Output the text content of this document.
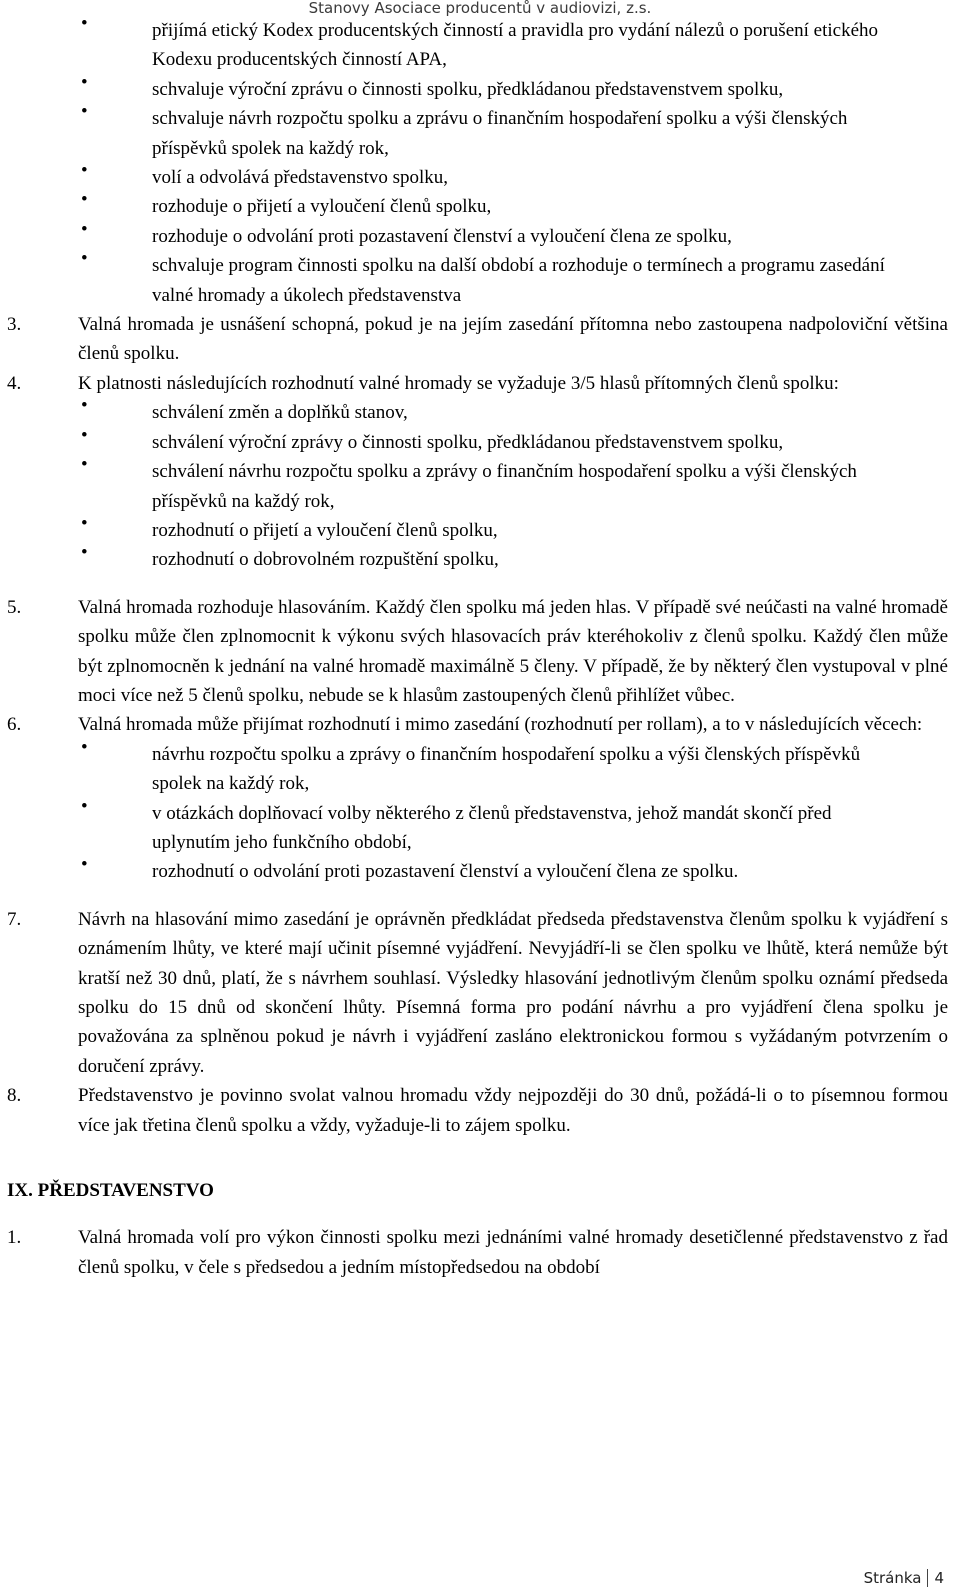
Stanovy Asociace producentů v audiovizi, z.s.
•	přijímá etický Kodex producentských činností a pravidla pro vydání nálezů o porušení etického Kodexu producentských činností APA,
•	schvaluje výroční zprávu o činnosti spolku, předkládanou představenstvem spolku,
•	schvaluje návrh rozpočtu spolku a zprávu o finančním hospodaření spolku a výši členských příspěvků spolek na každý rok,
•	volí a odvolává představenstvo spolku,
•	rozhoduje o přijetí a vyloučení členů spolku,
•	rozhoduje o odvolání proti pozastavení členství a vyloučení člena ze spolku,
•	schvaluje program činnosti spolku na další období a rozhoduje o termínech a programu zasedání valné hromady a úkolech představenstva
3.	Valná hromada je usnášení schopná, pokud je na jejím zasedání přítomna nebo zastoupena nadpoloviční většina členů spolku.
4.	K platnosti následujících rozhodnutí valné hromady se vyžaduje 3/5 hlasů přítomných členů spolku:
•	schválení změn a doplňků stanov,
•	schválení výroční zprávy o činnosti spolku, předkládanou představenstvem spolku,
•	schválení návrhu rozpočtu spolku a zprávy o finančním hospodaření spolku a výši členských příspěvků na každý rok,
•	rozhodnutí o přijetí a vyloučení členů spolku,
•	rozhodnutí o dobrovolném rozpuštění spolku,
5.	Valná hromada rozhoduje hlasováním. Každý člen spolku má jeden hlas. V případě své neúčasti na valné hromadě spolku může člen zplnomocnit k výkonu svých hlasovacích práv kteréhokoliv z členů spolku. Každý člen může být zplnomocněn k jednání na valné hromadě maximálně 5 členy. V případě, že by některý člen vystupoval v plné moci více než 5 členů spolku, nebude se k hlasům zastoupených členů přihlížet vůbec.
6.	Valná hromada může přijímat rozhodnutí i mimo zasedání (rozhodnutí per rollam), a to v následujících věcech:
•	návrhu rozpočtu spolku a zprávy o finančním hospodaření spolku a výši členských příspěvků spolek na každý rok,
•	v otázkách doplňovací volby některého z členů představenstva, jehož mandát skončí před uplynutím jeho funkčního období,
•	rozhodnutí o odvolání proti pozastavení členství a vyloučení člena ze spolku.
7.	Návrh na hlasování mimo zasedání je oprávněn předkládat předseda představenstva členům spolku k vyjádření s oznámením lhůty, ve které mají učinit písemné vyjádření. Nevyjádří-li se člen spolku ve lhůtě, která nemůže být kratší než 30 dnů, platí, že s návrhem souhlasí. Výsledky hlasování jednotlivým členům spolku oznámí předseda spolku do 15 dnů od skončení lhůty. Písemná forma pro podání návrhu a pro vyjádření člena spolku je považována za splněnou pokud je návrh i vyjádření zasláno elektronickou formou s vyžádaným potvrzením o doručení zprávy.
8.	Představenstvo je povinno svolat valnou hromadu vždy nejpozději do 30 dnů, požádá-li o to písemnou formou více jak třetina členů spolku a vždy, vyžaduje-li to zájem spolku.
IX. PŘEDSTAVENSTVO
1.	Valná hromada volí pro výkon činnosti spolku mezi jednáními valné hromady desetičlenné představenstvo z řad členů spolku, v čele s předsedou a jedním místopředsedou na období
Stránka 4
